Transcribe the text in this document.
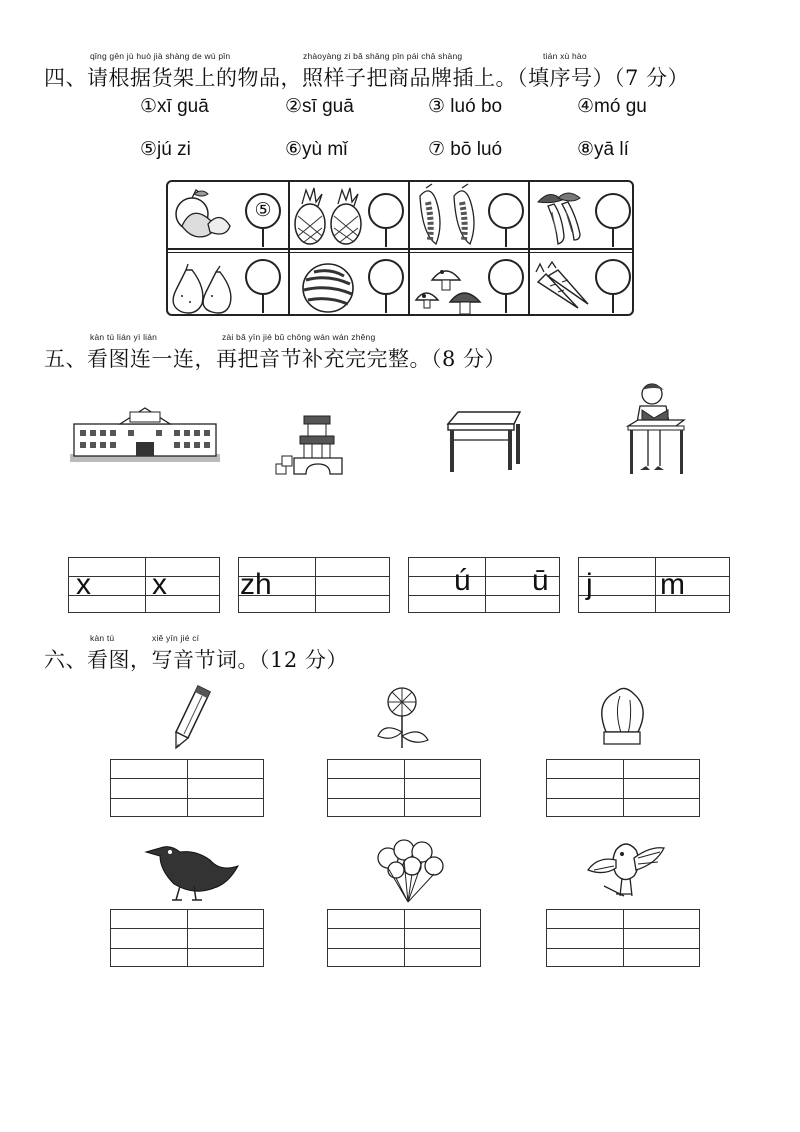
qǐng gēn jù huò jià shàng de wù pǐn	zhàoyàng zi bǎ shāng pǐn pái chā shàng	tián xù hào
四、请根据货架上的物品，照样子把商品牌插上。（填序号）（7 分）
①xī guā	②sī guā	③ luó bo	④mó gu
⑤jú zi	⑥yù mǐ	⑦ bō luó	⑧yā lí
⑤
kàn tú lián yì lián	zài bǎ yīn jié bǔ chōng wán wán zhěng
五、看图连一连，再把音节补充完完整。（8 分）
x x zh	ú ū j m
kàn tú	xiě yīn jié cí
六、看图，写音节词。（12 分）
